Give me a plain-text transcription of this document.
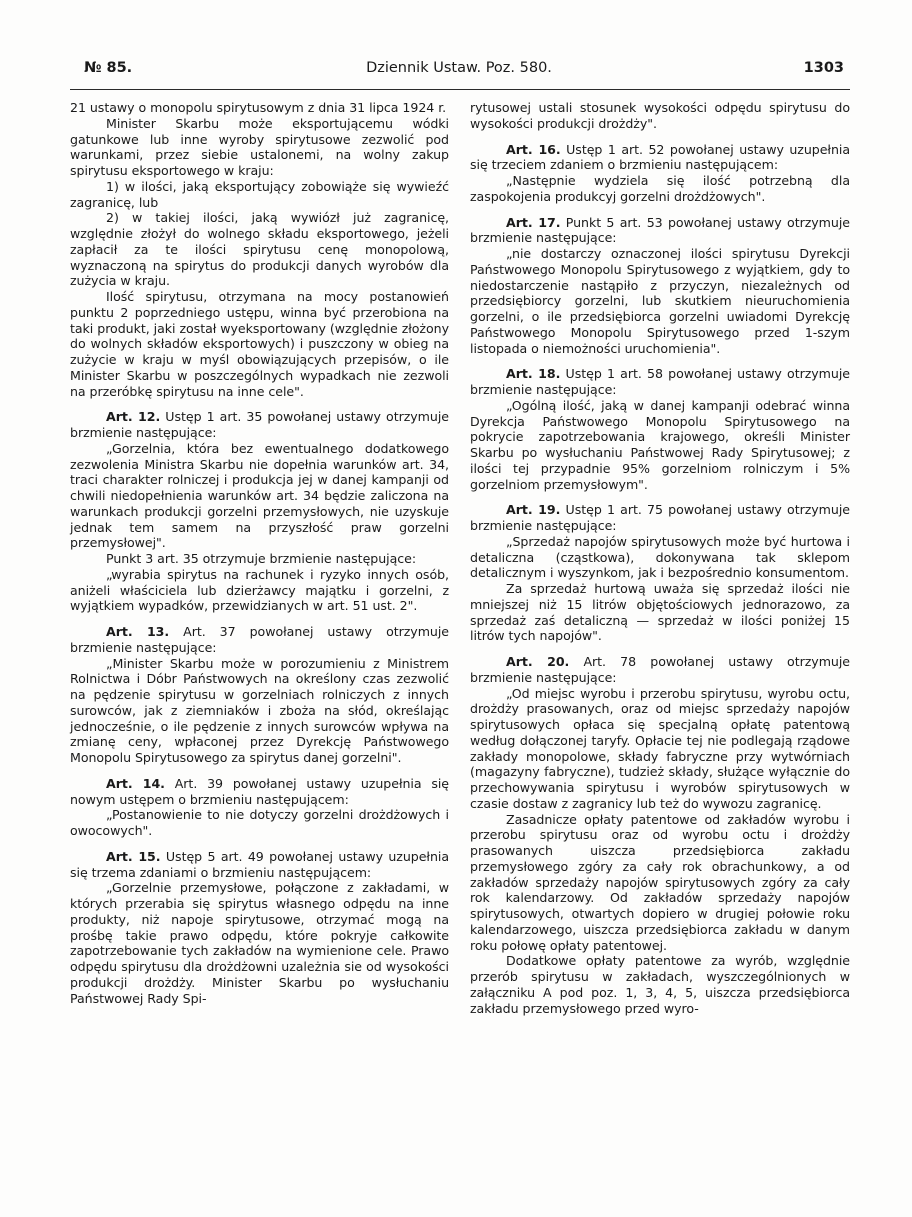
№ 85.	Dziennik Ustaw. Poz. 580.	1303

21 ustawy o monopolu spirytusowym z dnia 31 lipca 1924 r.

Minister Skarbu może eksportującemu wódki gatunkowe lub inne wyroby spirytusowe zezwolić pod warunkami, przez siebie ustalonemi, na wolny zakup spirytusu eksportowego w kraju:

1) w ilości, jaką eksportujący zobowiąże się wywieźć zagranicę, lub

2) w takiej ilości, jaką wywiózł już zagranicę, względnie złożył do wolnego składu eksportowego, jeżeli zapłacił za te ilości spirytusu cenę monopolową, wyznaczoną na spirytus do produkcji danych wyrobów dla zużycia w kraju.

Ilość spirytusu, otrzymana na mocy postanowień punktu 2 poprzedniego ustępu, winna być przerobiona na taki produkt, jaki został wyeksportowany (względnie złożony do wolnych składów eksportowych) i puszczony w obieg na zużycie w kraju w myśl obowiązujących przepisów, o ile Minister Skarbu w poszczególnych wypadkach nie zezwoli na przeróbkę spirytusu na inne cele".

Art. 12. Ustęp 1 art. 35 powołanej ustawy otrzymuje brzmienie następujące:

„Gorzelnia, która bez ewentualnego dodatkowego zezwolenia Ministra Skarbu nie dopełnia warunków art. 34, traci charakter rolniczej i produkcja jej w danej kampanji od chwili niedopełnienia warunków art. 34 będzie zaliczona na warunkach produkcji gorzelni przemysłowych, nie uzyskuje jednak tem samem na przyszłość praw gorzelni przemysłowej".

Punkt 3 art. 35 otrzymuje brzmienie następujące:

„wyrabia spirytus na rachunek i ryzyko innych osób, aniżeli właściciela lub dzierżawcy majątku i gorzelni, z wyjątkiem wypadków, przewidzianych w art. 51 ust. 2".

Art. 13. Art. 37 powołanej ustawy otrzymuje brzmienie następujące:

„Minister Skarbu może w porozumieniu z Ministrem Rolnictwa i Dóbr Państwowych na określony czas zezwolić na pędzenie spirytusu w gorzelniach rolniczych z innych surowców, jak z ziemniaków i zboża na słód, określając jednocześnie, o ile pędzenie z innych surowców wpływa na zmianę ceny, wpłaconej przez Dyrekcję Państwowego Monopolu Spirytusowego za spirytus danej gorzelni".

Art. 14. Art. 39 powołanej ustawy uzupełnia się nowym ustępem o brzmieniu następującem:

„Postanowienie to nie dotyczy gorzelni drożdżowych i owocowych".

Art. 15. Ustęp 5 art. 49 powołanej ustawy uzupełnia się trzema zdaniami o brzmieniu następującem:

„Gorzelnie przemysłowe, połączone z zakładami, w których przerabia się spirytus własnego odpędu na inne produkty, niż napoje spirytusowe, otrzymać mogą na prośbę takie prawo odpędu, które pokryje całkowite zapotrzebowanie tych zakładów na wymienione cele. Prawo odpędu spirytusu dla drożdżowni uzależnia sie od wysokości produkcji drożdży. Minister Skarbu po wysłuchaniu Państwowej Rady Spi-

rytusowej ustali stosunek wysokości odpędu spirytusu do wysokości produkcji drożdży".

Art. 16. Ustęp 1 art. 52 powołanej ustawy uzupełnia się trzeciem zdaniem o brzmieniu następującem:

„Następnie wydziela się ilość potrzebną dla zaspokojenia produkcyj gorzelni drożdżowych".

Art. 17. Punkt 5 art. 53 powołanej ustawy otrzymuje brzmienie następujące:

„nie dostarczy oznaczonej ilości spirytusu Dyrekcji Państwowego Monopolu Spirytusowego z wyjątkiem, gdy to niedostarczenie nastąpiło z przyczyn, niezależnych od przedsiębiorcy gorzelni, lub skutkiem nieuruchomienia gorzelni, o ile przedsiębiorca gorzelni uwiadomi Dyrekcję Państwowego Monopolu Spirytusowego przed 1-szym listopada o niemożności uruchomienia".

Art. 18. Ustęp 1 art. 58 powołanej ustawy otrzymuje brzmienie następujące:

„Ogólną ilość, jaką w danej kampanji odebrać winna Dyrekcja Państwowego Monopolu Spirytusowego na pokrycie zapotrzebowania krajowego, określi Minister Skarbu po wysłuchaniu Państwowej Rady Spirytusowej; z ilości tej przypadnie 95% gorzelniom rolniczym i 5% gorzelniom przemysłowym".

Art. 19. Ustęp 1 art. 75 powołanej ustawy otrzymuje brzmienie następujące:

„Sprzedaż napojów spirytusowych może być hurtowa i detaliczna (cząstkowa), dokonywana tak sklepom detalicznym i wyszynkom, jak i bezpośrednio konsumentom.

Za sprzedaż hurtową uważa się sprzedaż ilości nie mniejszej niż 15 litrów objętościowych jednorazowo, za sprzedaż zaś detaliczną — sprzedaż w ilości poniżej 15 litrów tych napojów".

Art. 20. Art. 78 powołanej ustawy otrzymuje brzmienie następujące:

„Od miejsc wyrobu i przerobu spirytusu, wyrobu octu, drożdży prasowanych, oraz od miejsc sprzedaży napojów spirytusowych opłaca się specjalną opłatę patentową według dołączonej taryfy. Opłacie tej nie podlegają rządowe zakłady monopolowe, składy fabryczne przy wytwórniach (magazyny fabryczne), tudzież składy, służące wyłącznie do przechowywania spirytusu i wyrobów spirytusowych w czasie dostaw z zagranicy lub też do wywozu zagranicę.

Zasadnicze opłaty patentowe od zakładów wyrobu i przerobu spirytusu oraz od wyrobu octu i drożdży prasowanych uiszcza przedsiębiorca zakładu przemysłowego zgóry za cały rok obrachunkowy, a od zakładów sprzedaży napojów spirytusowych zgóry za cały rok kalendarzowy. Od zakładów sprzedaży napojów spirytusowych, otwartych dopiero w drugiej połowie roku kalendarzowego, uiszcza przedsiębiorca zakładu w danym roku połowę opłaty patentowej.

Dodatkowe opłaty patentowe za wyrób, względnie przerób spirytusu w zakładach, wyszczególnionych w załączniku A pod poz. 1, 3, 4, 5, uiszcza przedsiębiorca zakładu przemysłowego przed wyro-
